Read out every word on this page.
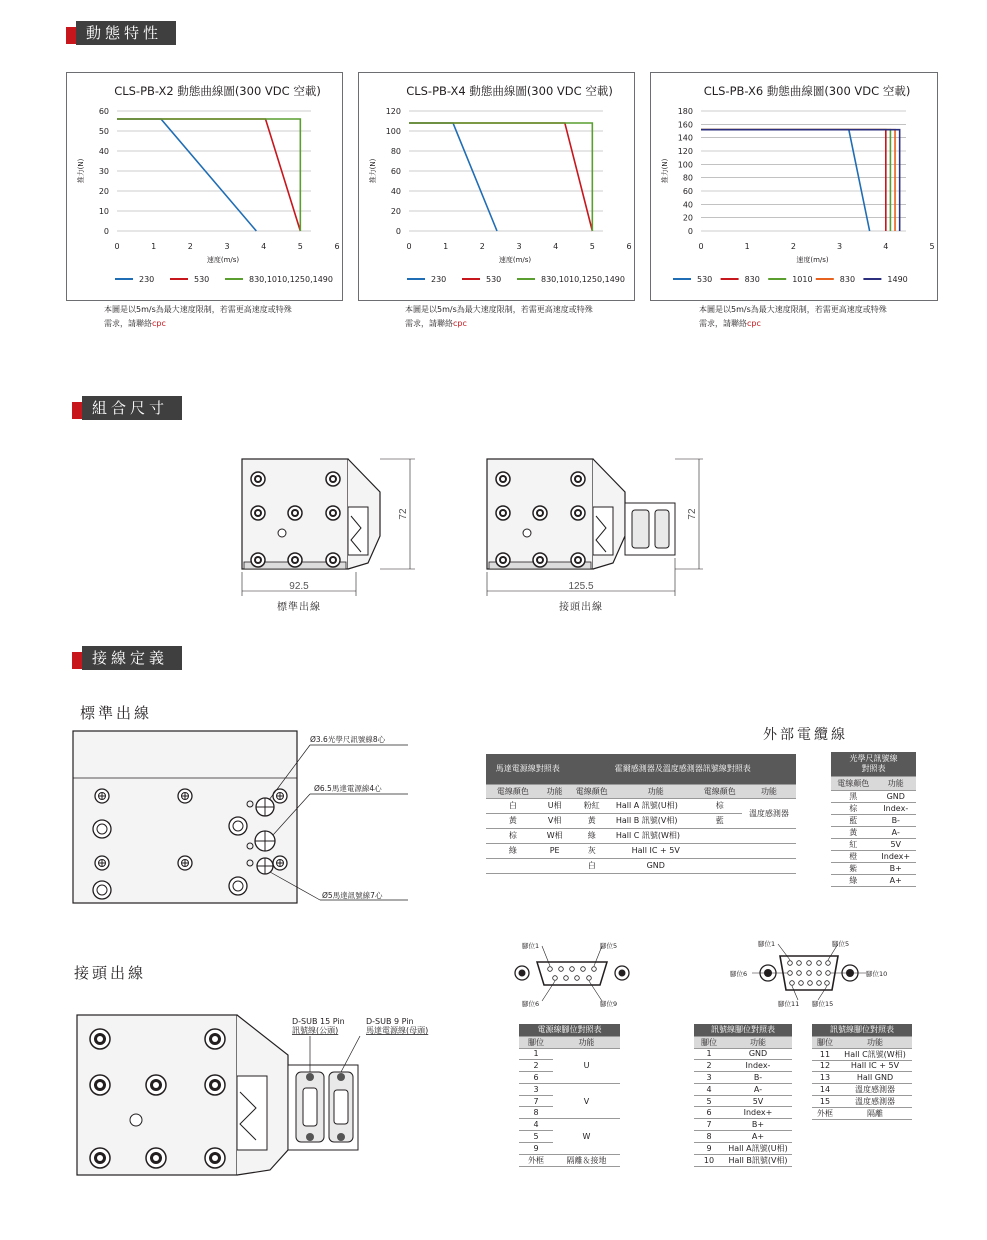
動態特性
組合尺寸
接線定義
CLS-PB-X2 動態曲線圖(300 VDC 空載)
0
10
20
30
40
50
60
0	1	2	3	4	5	6
推力(N)
速度(m/s)
230	530	830,1010,1250,1490
CLS-PB-X4 動態曲線圖(300 VDC 空載)
0
20
40
60
80
100
120
0	1	2	3	4	5	6
推力(N)
速度(m/s)
230	530	830,1010,1250,1490
CLS-PB-X6 動態曲線圖(300 VDC 空載)
0
20
40
60
80
100
120
140
160
180
0	1	2	3	4	5
推力(N)
速度(m/s)
530	830	1010	830	1490
本圖是以5m/s為最大速度限制，若需更高速度或特殊
需求，請聯絡cpc
本圖是以5m/s為最大速度限制，若需更高速度或特殊
需求，請聯絡cpc
本圖是以5m/s為最大速度限制，若需更高速度或特殊
需求，請聯絡cpc
72
92.5
標準出線
72
125.5
接頭出線
標準出線
Ø3.6光學尺訊號線8心
Ø6.5馬達電源線4心
Ø5馬達訊號線7心
接頭出線
D-SUB 15 Pin
訊號線(公頭)
D-SUB 9 Pin
馬達電源線(母頭)
外部電纜線
馬達電源線對照表		霍爾感測器及溫度感測器訊號線對照表			
電線顏色	功能	電線顏色	功能	電線顏色	功能
白	U相	粉紅	Hall A 訊號(U相)	棕	溫度感測器
黃	V相	黃	Hall B 訊號(V相)	藍	
棕	W相	綠	Hall C 訊號(W相)		
綠	PE	灰	Hall IC + 5V		
		白	GND		
光學尺訊號線
對照表	
電線顏色	功能
黑	GND
棕	Index-
藍	B-
黃	A-
紅	5V
橙	Index+
紫	B+
綠	A+
腳位1	腳位5
腳位6	腳位9
腳位1	腳位5
腳位6	腳位10
腳位11 腳位15
電源線腳位對照表	
腳位	功能
1	U
2	
6	
3	V
7	
8	
4	W
5	
9	
外框	隔離＆接地
訊號線腳位對照表	
腳位	功能
1	GND
2	Index-
3	B-
4	A-
5	5V
6	Index+
7	B+
8	A+
9	Hall A訊號(U相)
10	Hall B訊號(V相)
訊號線腳位對照表	
腳位	功能
11	Hall C訊號(W相)
12	Hall IC + 5V
13	Hall GND
14	溫度感測器
15	溫度感測器
外框	隔離
